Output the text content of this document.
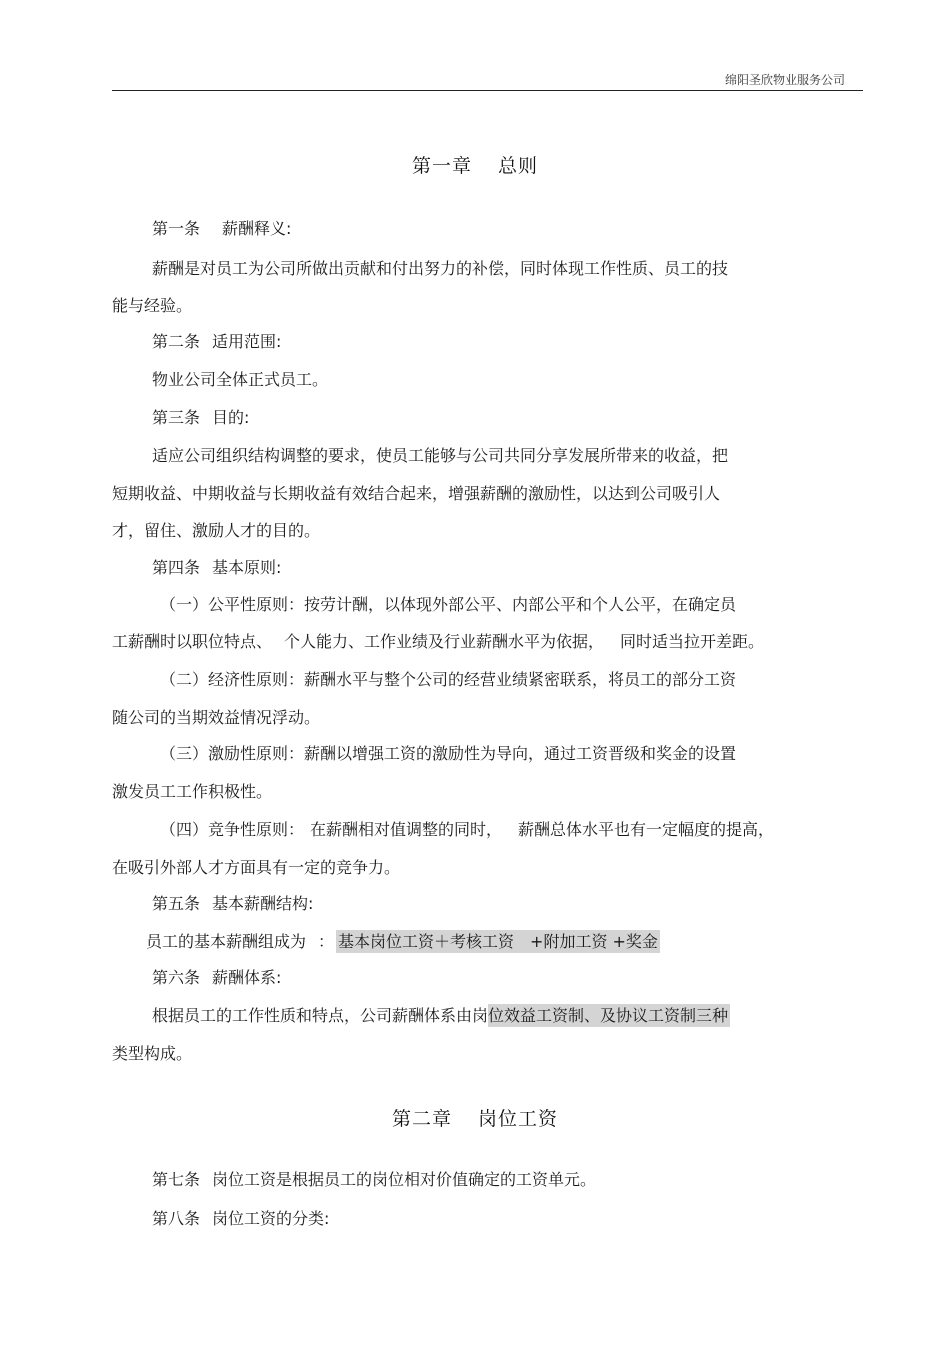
绵阳圣欣物业服务公司
第一章 总则
第一条 薪酬释义:
薪酬是对员工为公司所做出贡献和付出努力的补偿，同时体现工作性质、员工的技
能与经验。
第二条 适用范围:
物业公司全体正式员工。
第三条 目的:
适应公司组织结构调整的要求，使员工能够与公司共同分享发展所带来的收益，把
短期收益、中期收益与长期收益有效结合起来，增强薪酬的激励性，以达到公司吸引人
才，留住、激励人才的目的。
第四条 基本原则:
（一）公平性原则：按劳计酬，以体现外部公平、内部公平和个人公平，在确定员
工薪酬时以职位特点、 个人能力、工作业绩及行业薪酬水平为依据， 同时适当拉开差距。
（二）经济性原则：薪酬水平与整个公司的经营业绩紧密联系，将员工的部分工资
随公司的当期效益情况浮动。
（三）激励性原则：薪酬以增强工资的激励性为导向，通过工资晋级和奖金的设置
激发员工工作积极性。
（四）竞争性原则： 在薪酬相对值调整的同时， 薪酬总体水平也有一定幅度的提高，
在吸引外部人才方面具有一定的竞争力。
第五条 基本薪酬结构:
员工的基本薪酬组成为 ： 基本岗位工资＋考核工资　+附加工资 +奖金
第六条 薪酬体系:
根据员工的工作性质和特点，公司薪酬体系由岗位效益工资制、及协议工资制三种
类型构成。
第二章 岗位工资
第七条 岗位工资是根据员工的岗位相对价值确定的工资单元。
第八条 岗位工资的分类:
